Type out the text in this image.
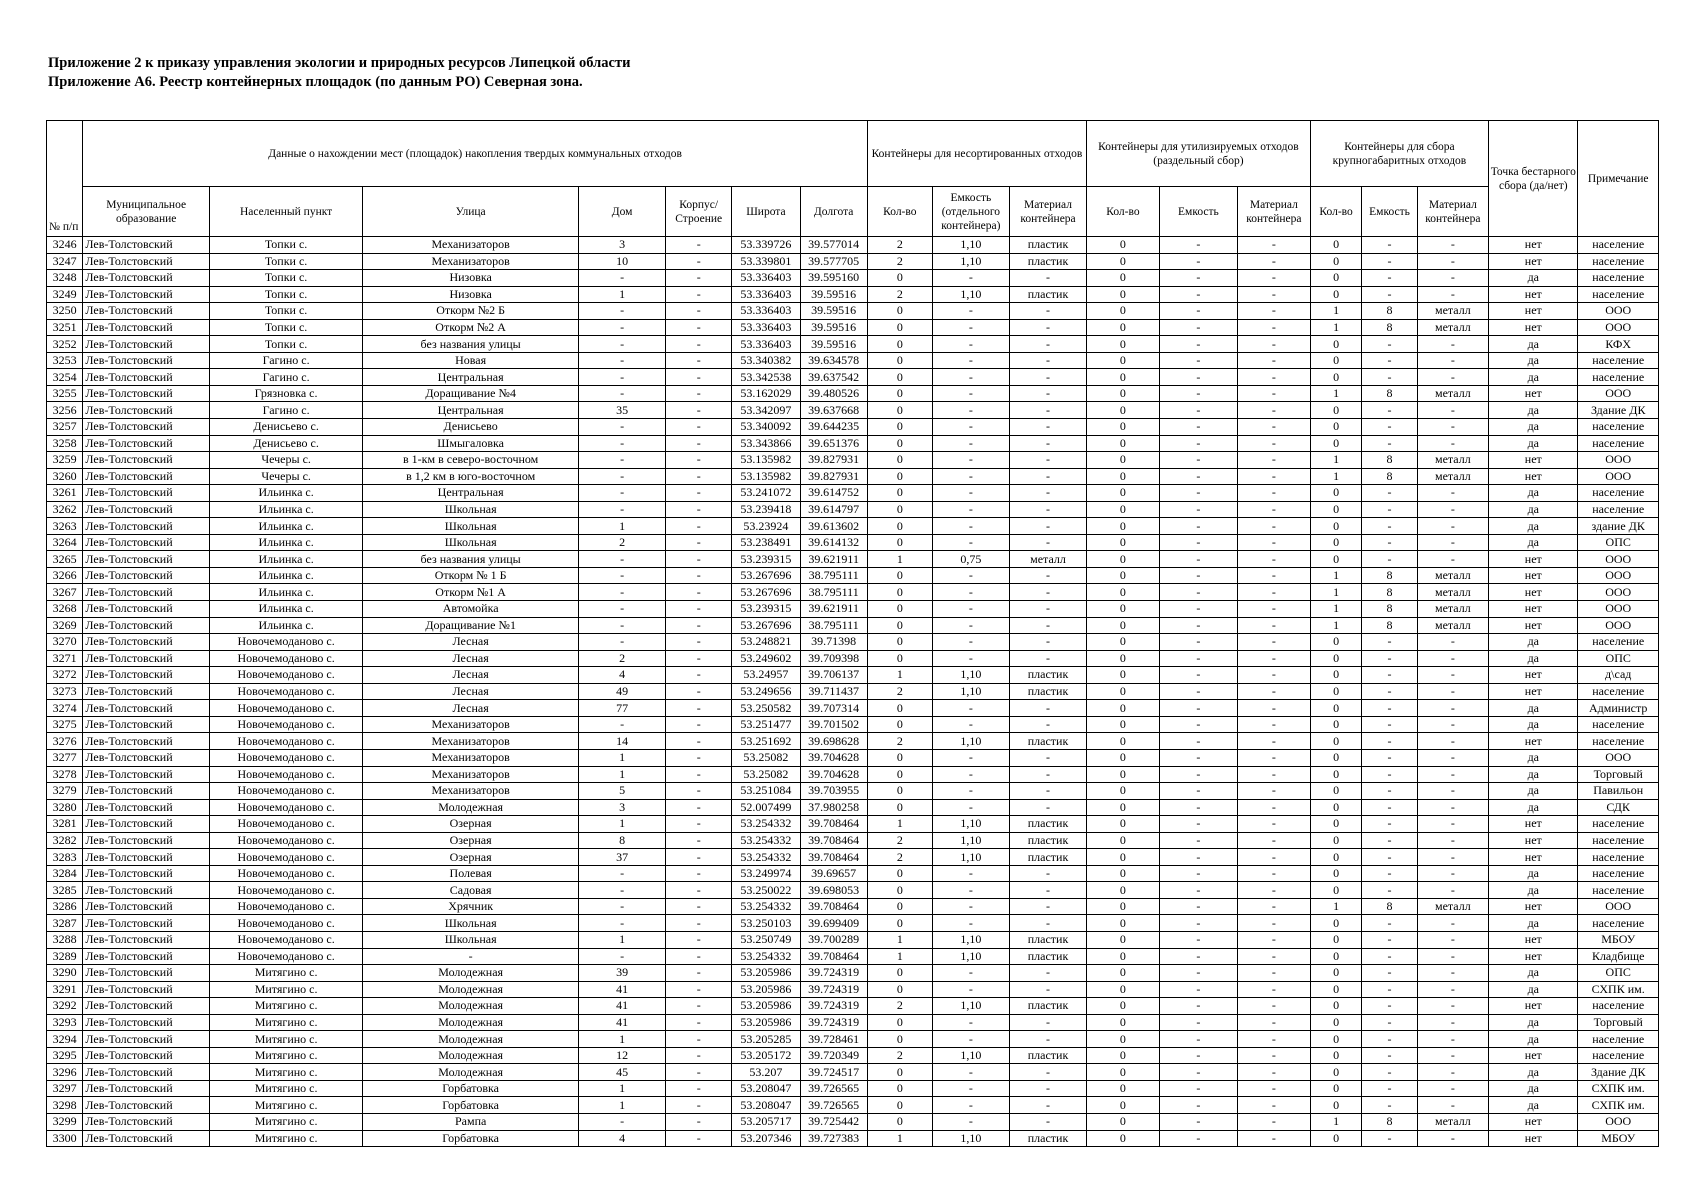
Приложение 2 к приказу управления экологии и природных ресурсов Липецкой области
Приложение А6. Реестр контейнерных площадок (по данным РО) Северная зона.
№ п/п	Данные о нахождении мест (площадок) накопления твердых коммунальных отходов							Контейнеры для несортированных отходов			Контейнеры для утилизируемых отходов (раздельный сбор)			Контейнеры для сбора крупногабаритных отходов			Точка бестарного сбора (да/нет)	Примечание
	Муниципальное образование	Населенный пункт	Улица	Дом	Корпус/ Строение	Широта	Долгота	Кол-во	Емкость (отдельного контейнера)	Материал контейнера	Кол-во	Емкость	Материал контейнера	Кол-во	Емкость	Материал контейнера		
3246	Лев-Толстовский	Топки с.	Механизаторов	3	-	53.339726	39.577014	2	1,10	пластик	0	-	-	0	-	-	нет	население
3247	Лев-Толстовский	Топки с.	Механизаторов	10	-	53.339801	39.577705	2	1,10	пластик	0	-	-	0	-	-	нет	население
3248	Лев-Толстовский	Топки с.	Низовка	-	-	53.336403	39.595160	0	-	-	0	-	-	0	-	-	да	население
3249	Лев-Толстовский	Топки с.	Низовка	1	-	53.336403	39.59516	2	1,10	пластик	0	-	-	0	-	-	нет	население
3250	Лев-Толстовский	Топки с.	Откорм №2 Б	-	-	53.336403	39.59516	0	-	-	0	-	-	1	8	металл	нет	ООО
3251	Лев-Толстовский	Топки с.	Откорм №2 А	-	-	53.336403	39.59516	0	-	-	0	-	-	1	8	металл	нет	ООО
3252	Лев-Толстовский	Топки с.	без названия улицы	-	-	53.336403	39.59516	0	-	-	0	-	-	0	-	-	да	КФХ
3253	Лев-Толстовский	Гагино с.	Новая	-	-	53.340382	39.634578	0	-	-	0	-	-	0	-	-	да	население
3254	Лев-Толстовский	Гагино с.	Центральная	-	-	53.342538	39.637542	0	-	-	0	-	-	0	-	-	да	население
3255	Лев-Толстовский	Грязновка с.	Доращивание №4	-	-	53.162029	39.480526	0	-	-	0	-	-	1	8	металл	нет	ООО
3256	Лев-Толстовский	Гагино с.	Центральная	35	-	53.342097	39.637668	0	-	-	0	-	-	0	-	-	да	Здание ДК
3257	Лев-Толстовский	Денисьево с.	Денисьево	-	-	53.340092	39.644235	0	-	-	0	-	-	0	-	-	да	население
3258	Лев-Толстовский	Денисьево с.	Шмыгаловка	-	-	53.343866	39.651376	0	-	-	0	-	-	0	-	-	да	население
3259	Лев-Толстовский	Чечеры с.	в 1-км в северо-восточном	-	-	53.135982	39.827931	0	-	-	0	-	-	1	8	металл	нет	ООО
3260	Лев-Толстовский	Чечеры с.	в 1,2 км в юго-восточном	-	-	53.135982	39.827931	0	-	-	0	-	-	1	8	металл	нет	ООО
3261	Лев-Толстовский	Ильинка с.	Центральная	-	-	53.241072	39.614752	0	-	-	0	-	-	0	-	-	да	население
3262	Лев-Толстовский	Ильинка с.	Школьная	-	-	53.239418	39.614797	0	-	-	0	-	-	0	-	-	да	население
3263	Лев-Толстовский	Ильинка с.	Школьная	1	-	53.23924	39.613602	0	-	-	0	-	-	0	-	-	да	здание ДК
3264	Лев-Толстовский	Ильинка с.	Школьная	2	-	53.238491	39.614132	0	-	-	0	-	-	0	-	-	да	ОПС
3265	Лев-Толстовский	Ильинка с.	без названия улицы	-	-	53.239315	39.621911	1	0,75	металл	0	-	-	0	-	-	нет	ООО
3266	Лев-Толстовский	Ильинка с.	Откорм № 1 Б	-	-	53.267696	38.795111	0	-	-	0	-	-	1	8	металл	нет	ООО
3267	Лев-Толстовский	Ильинка с.	Откорм №1 А	-	-	53.267696	38.795111	0	-	-	0	-	-	1	8	металл	нет	ООО
3268	Лев-Толстовский	Ильинка с.	Автомойка	-	-	53.239315	39.621911	0	-	-	0	-	-	1	8	металл	нет	ООО
3269	Лев-Толстовский	Ильинка с.	Доращивание №1	-	-	53.267696	38.795111	0	-	-	0	-	-	1	8	металл	нет	ООО
3270	Лев-Толстовский	Новочемоданово с.	Лесная	-	-	53.248821	39.71398	0	-	-	0	-	-	0	-	-	да	население
3271	Лев-Толстовский	Новочемоданово с.	Лесная	2	-	53.249602	39.709398	0	-	-	0	-	-	0	-	-	да	ОПС
3272	Лев-Толстовский	Новочемоданово с.	Лесная	4	-	53.24957	39.706137	1	1,10	пластик	0	-	-	0	-	-	нет	д\сад
3273	Лев-Толстовский	Новочемоданово с.	Лесная	49	-	53.249656	39.711437	2	1,10	пластик	0	-	-	0	-	-	нет	население
3274	Лев-Толстовский	Новочемоданово с.	Лесная	77	-	53.250582	39.707314	0	-	-	0	-	-	0	-	-	да	Администр
3275	Лев-Толстовский	Новочемоданово с.	Механизаторов	-	-	53.251477	39.701502	0	-	-	0	-	-	0	-	-	да	население
3276	Лев-Толстовский	Новочемоданово с.	Механизаторов	14	-	53.251692	39.698628	2	1,10	пластик	0	-	-	0	-	-	нет	население
3277	Лев-Толстовский	Новочемоданово с.	Механизаторов	1	-	53.25082	39.704628	0	-	-	0	-	-	0	-	-	да	ООО
3278	Лев-Толстовский	Новочемоданово с.	Механизаторов	1	-	53.25082	39.704628	0	-	-	0	-	-	0	-	-	да	Торговый
3279	Лев-Толстовский	Новочемоданово с.	Механизаторов	5	-	53.251084	39.703955	0	-	-	0	-	-	0	-	-	да	Павильон
3280	Лев-Толстовский	Новочемоданово с.	Молодежная	3	-	52.007499	37.980258	0	-	-	0	-	-	0	-	-	да	СДК
3281	Лев-Толстовский	Новочемоданово с.	Озерная	1	-	53.254332	39.708464	1	1,10	пластик	0	-	-	0	-	-	нет	население
3282	Лев-Толстовский	Новочемоданово с.	Озерная	8	-	53.254332	39.708464	2	1,10	пластик	0	-	-	0	-	-	нет	население
3283	Лев-Толстовский	Новочемоданово с.	Озерная	37	-	53.254332	39.708464	2	1,10	пластик	0	-	-	0	-	-	нет	население
3284	Лев-Толстовский	Новочемоданово с.	Полевая	-	-	53.249974	39.69657	0	-	-	0	-	-	0	-	-	да	население
3285	Лев-Толстовский	Новочемоданово с.	Садовая	-	-	53.250022	39.698053	0	-	-	0	-	-	0	-	-	да	население
3286	Лев-Толстовский	Новочемоданово с.	Хрячник	-	-	53.254332	39.708464	0	-	-	0	-	-	1	8	металл	нет	ООО
3287	Лев-Толстовский	Новочемоданово с.	Школьная	-	-	53.250103	39.699409	0	-	-	0	-	-	0	-	-	да	население
3288	Лев-Толстовский	Новочемоданово с.	Школьная	1	-	53.250749	39.700289	1	1,10	пластик	0	-	-	0	-	-	нет	МБОУ
3289	Лев-Толстовский	Новочемоданово с.	-	-	-	53.254332	39.708464	1	1,10	пластик	0	-	-	0	-	-	нет	Кладбище
3290	Лев-Толстовский	Митягино с.	Молодежная	39	-	53.205986	39.724319	0	-	-	0	-	-	0	-	-	да	ОПС
3291	Лев-Толстовский	Митягино с.	Молодежная	41	-	53.205986	39.724319	0	-	-	0	-	-	0	-	-	да	СХПК им.
3292	Лев-Толстовский	Митягино с.	Молодежная	41	-	53.205986	39.724319	2	1,10	пластик	0	-	-	0	-	-	нет	население
3293	Лев-Толстовский	Митягино с.	Молодежная	41	-	53.205986	39.724319	0	-	-	0	-	-	0	-	-	да	Торговый
3294	Лев-Толстовский	Митягино с.	Молодежная	1	-	53.205285	39.728461	0	-	-	0	-	-	0	-	-	да	население
3295	Лев-Толстовский	Митягино с.	Молодежная	12	-	53.205172	39.720349	2	1,10	пластик	0	-	-	0	-	-	нет	население
3296	Лев-Толстовский	Митягино с.	Молодежная	45	-	53.207	39.724517	0	-	-	0	-	-	0	-	-	да	Здание ДК
3297	Лев-Толстовский	Митягино с.	Горбатовка	1	-	53.208047	39.726565	0	-	-	0	-	-	0	-	-	да	СХПК им.
3298	Лев-Толстовский	Митягино с.	Горбатовка	1	-	53.208047	39.726565	0	-	-	0	-	-	0	-	-	да	СХПК им.
3299	Лев-Толстовский	Митягино с.	Рампа	-	-	53.205717	39.725442	0	-	-	0	-	-	1	8	металл	нет	ООО
3300	Лев-Толстовский	Митягино с.	Горбатовка	4	-	53.207346	39.727383	1	1,10	пластик	0	-	-	0	-	-	нет	МБОУ
